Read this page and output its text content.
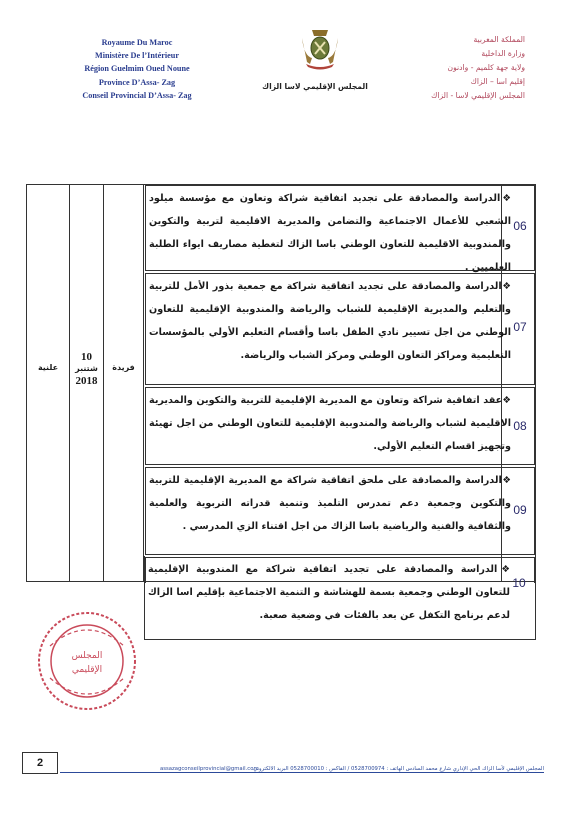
Royaume Du Maroc
Ministère De l’Intérieur
Région Guelmim Oued Noune
Province D’Assa- Zag
Conseil Provincial D’Assa- Zag
المجلس الإقليمي لاسا الزاك
المملكة المغربية
وزارة الداخلية
ولاية جهة كلميم - وادنون
إقليم اسا – الزاك
المجلس الإقليمي لاسا - الزاك
❖الدراسة والمصادقة على تجديد اتفاقية شراكة وتعاون مع مؤسسة ميلود الشعبي للأعمال الاجتماعية والتضامن والمديرية الاقليمية لتربية والتكوين والمندوبية الاقليمية للتعاون الوطني باسا الزاك لتغطية مصاريف ايواء الطلبة العلميين .
06
❖الدراسة والمصادقة على تجديد اتفاقية شراكة مع جمعية بذور الأمل للتربية والتعليم والمديرية الإقليمية للشباب والرياضة والمندوبية الإقليمية للتعاون الوطني من اجل تسيير نادي الطفل باسا وأقسام التعليم الأولي بالمؤسسات التعليمية ومراكز التعاون الوطني ومركز الشباب والرياضة.
07
❖عقد اتفاقية شراكة وتعاون مع المديرية الإقليمية للتربية والتكوين والمديرية الاقليمية لشباب والرياضة والمندوبية الإقليمية للتعاون الوطني من اجل تهيئة وتجهيز اقسام التعليم الأولي.
08
❖الدراسة والمصادقة على ملحق اتفاقية شراكة مع المديرية الإقليمية للتربية والتكوين وجمعية دعم تمدرس التلميذ وتنمية قدراته التربوية والعلمية والثقافية والفنية والرياضية باسا الزاك من اجل اقتناء الزي المدرسي .
09
علنية
10
شتنبر
2018
فريدة
❖الدراسة والمصادقة على تجديد اتفاقية شراكة مع المندوبية الإقليمية للتعاون الوطني وجمعية بسمة للهشاشة و التنمية الاجتماعية بإقليم اسا الزاك لدعم برنامج التكفل عن بعد بالفئات في وضعية صعبة.
10
المجلس
الإقليمي
2	assazagconseilprovincial@gmail.com
المجلس الإقليمي لأسا الزاك الحي الإداري شارع محمد السادس الهاتف : 0528700974 / الفاكس : 0528700010 البريد الالكتروني
